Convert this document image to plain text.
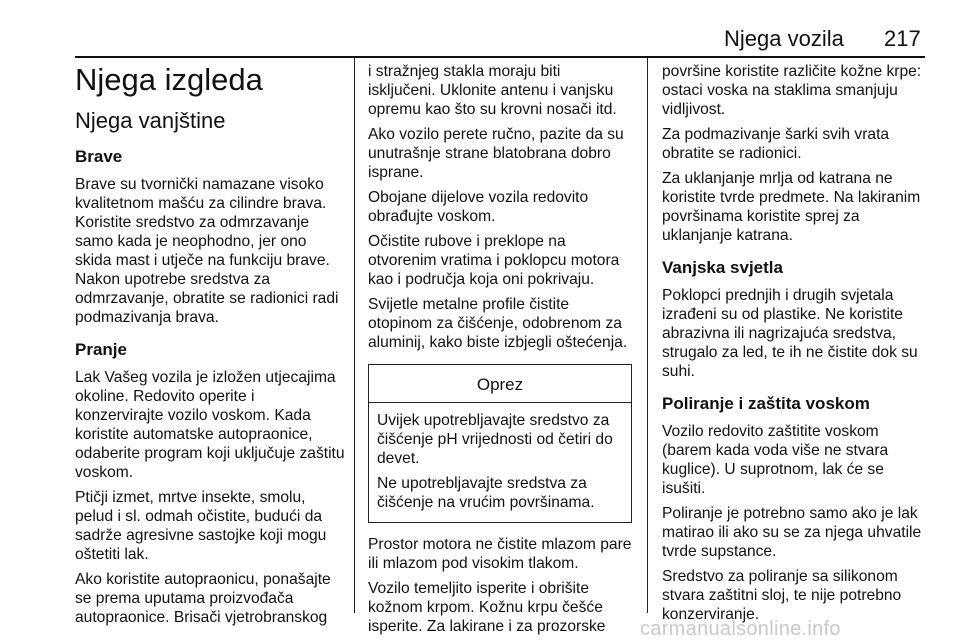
Njega vozila 217
Njega izgleda
Njega vanjštine
Brave

Brave su tvornički namazane visoko kvalitetnom mašću za cilindre brava. Koristite sredstvo za odmrzavanje samo kada je neophodno, jer ono skida mast i utječe na funkciju brave. Nakon upotrebe sredstva za odmrzavanje, obratite se radionici radi podmazivanja brava.

Pranje

Lak Vašeg vozila je izložen utjecajima okoline. Redovito operite i konzervirajte vozilo voskom. Kada koristite automatske autopraonice, odaberite program koji uključuje zaštitu voskom.

Ptičji izmet, mrtve insekte, smolu, pelud i sl. odmah očistite, budući da sadrže agresivne sastojke koji mogu oštetiti lak.

Ako koristite autopraonicu, ponašajte se prema uputama proizvođača autopraonice. Brisači vjetrobranskog

i stražnjeg stakla moraju biti isključeni. Uklonite antenu i vanjsku opremu kao što su krovni nosači itd.

Ako vozilo perete ručno, pazite da su unutrašnje strane blatobrana dobro isprane.

Obojane dijelove vozila redovito obrađujte voskom.

Očistite rubove i preklope na otvorenim vratima i poklopcu motora kao i područja koja oni pokrivaju.

Svijetle metalne profile čistite otopinom za čišćenje, odobrenom za aluminij, kako biste izbjegli oštećenja.

Oprez

Uvijek upotrebljavajte sredstvo za čišćenje pH vrijednosti od četiri do devet.

Ne upotrebljavajte sredstva za čišćenje na vrućim površinama.

Prostor motora ne čistite mlazom pare ili mlazom pod visokim tlakom.

Vozilo temeljito isperite i obrišite kožnom krpom. Kožnu krpu češće isperite. Za lakirane i za prozorske

površine koristite različite kožne krpe: ostaci voska na staklima smanjuju vidljivost.

Za podmazivanje šarki svih vrata obratite se radionici.

Za uklanjanje mrlja od katrana ne koristite tvrde predmete. Na lakiranim površinama koristite sprej za uklanjanje katrana.

Vanjska svjetla

Poklopci prednjih i drugih svjetala izrađeni su od plastike. Ne koristite abrazivna ili nagrizajuća sredstva, strugalo za led, te ih ne čistite dok su suhi.

Poliranje i zaštita voskom

Vozilo redovito zaštitite voskom (barem kada voda više ne stvara kuglice). U suprotnom, lak će se isušiti.

Poliranje je potrebno samo ako je lak matirao ili ako su se za njega uhvatile tvrde supstance.

Sredstvo za poliranje sa silikonom stvara zaštitni sloj, te nije potrebno konzerviranje.

carmanualsonline.info
